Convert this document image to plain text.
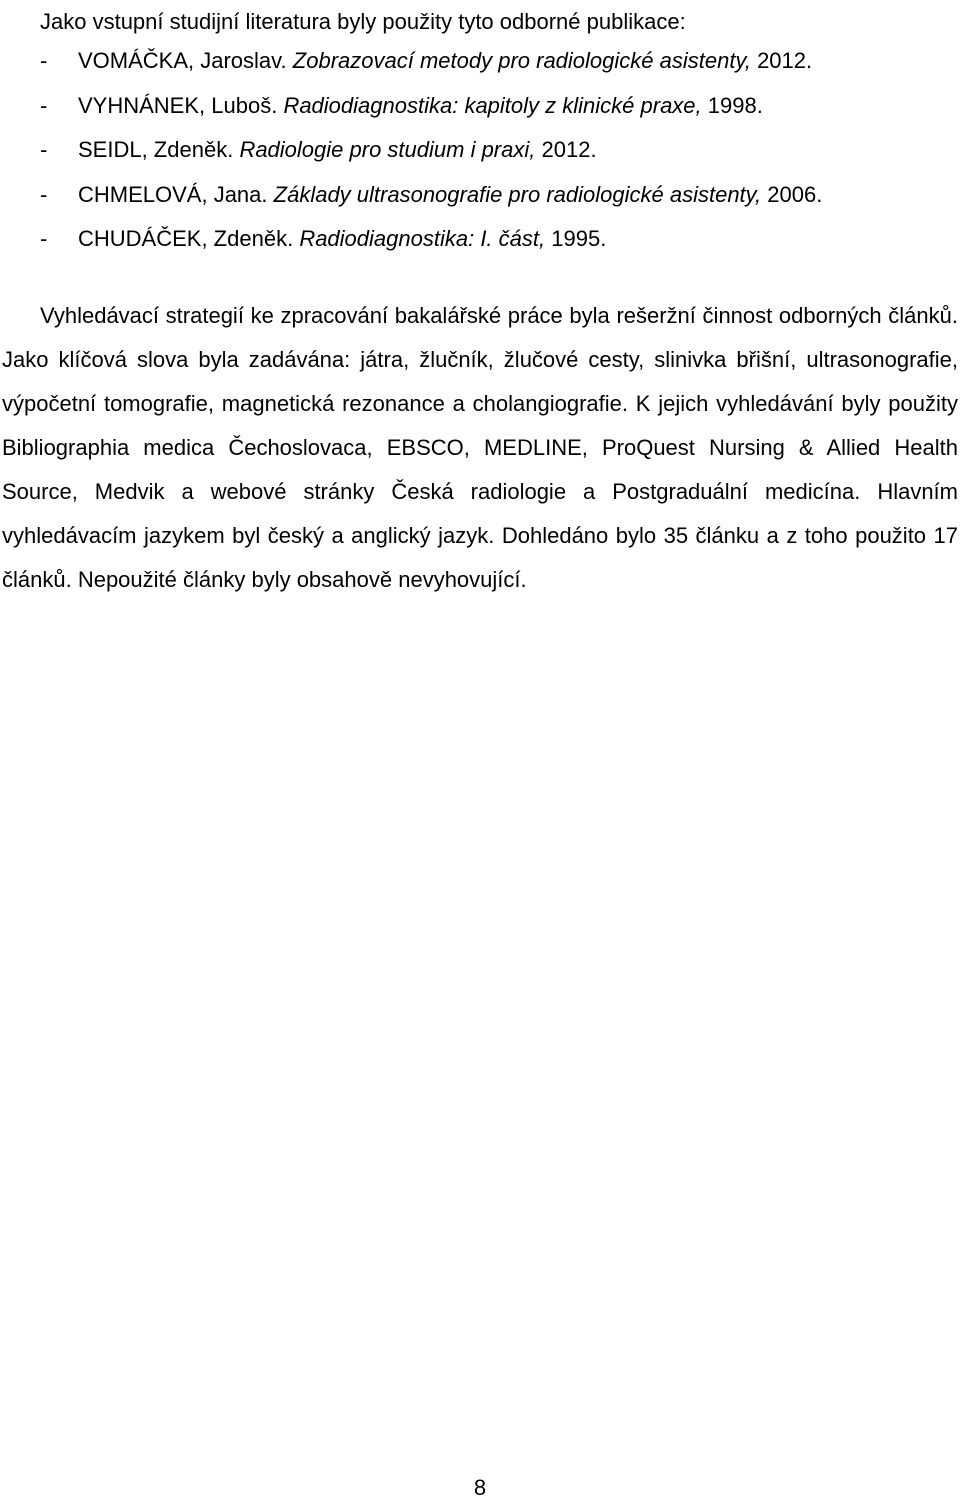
Jako vstupní studijní literatura byly použity tyto odborné publikace:
- VOMÁČKA, Jaroslav. Zobrazovací metody pro radiologické asistenty, 2012.
- VYHNÁNEK, Luboš. Radiodiagnostika: kapitoly z klinické praxe, 1998.
- SEIDL, Zdeněk. Radiologie pro studium i praxi, 2012.
- CHMELOVÁ, Jana. Základy ultrasonografie pro radiologické asistenty, 2006.
- CHUDÁČEK, Zdeněk. Radiodiagnostika: I. část, 1995.

Vyhledávací strategií ke zpracování bakalářské práce byla rešeržní činnost odborných článků. Jako klíčová slova byla zadávána: játra, žlučník, žlučové cesty, slinivka břišní, ultrasonografie, výpočetní tomografie, magnetická rezonance a cholangiografie. K jejich vyhledávání byly použity Bibliographia medica Čechoslovaca, EBSCO, MEDLINE, ProQuest Nursing & Allied Health Source, Medvik a webové stránky Česká radiologie a Postgraduální medicína. Hlavním vyhledávacím jazykem byl český a anglický jazyk. Dohledáno bylo 35 článku a z toho použito 17 článků. Nepoužité články byly obsahově nevyhovující.

8
